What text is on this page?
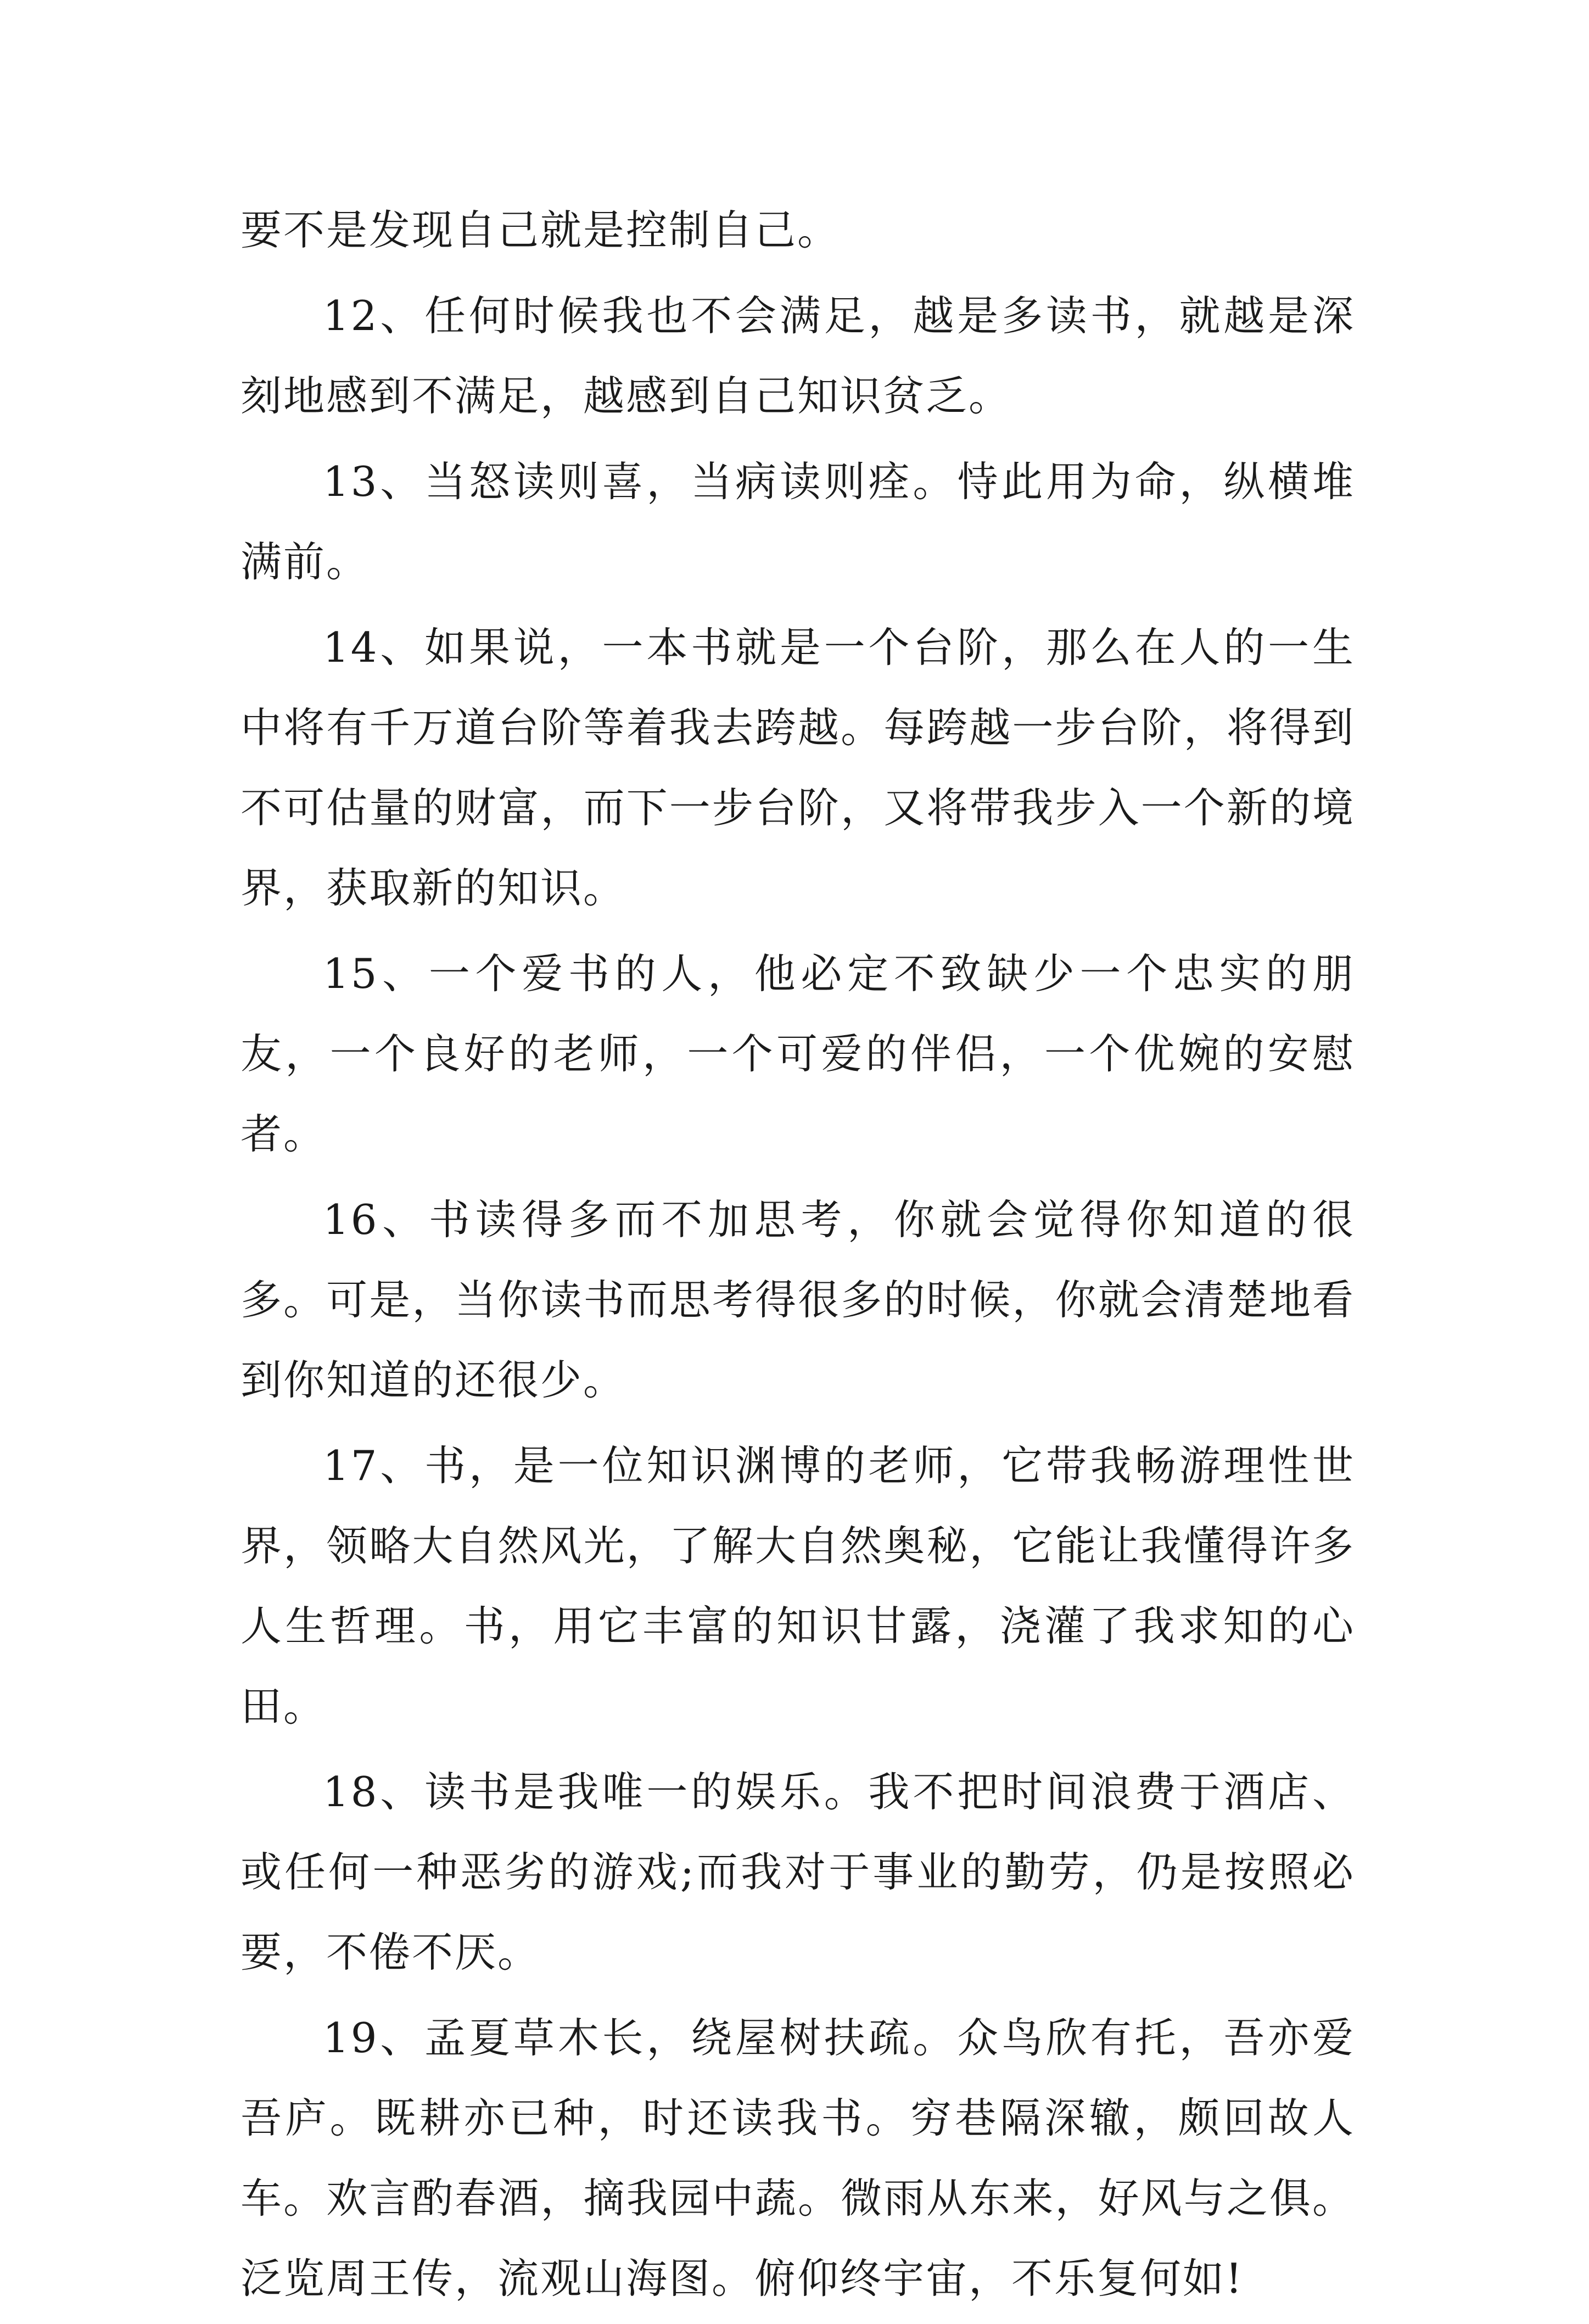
要不是发现自己就是控制自己。

12、任何时候我也不会满足，越是多读书，就越是深刻地感到不满足，越感到自己知识贫乏。

13、当怒读则喜，当病读则痊。恃此用为命，纵横堆满前。

14、如果说，一本书就是一个台阶，那么在人的一生中将有千万道台阶等着我去跨越。每跨越一步台阶，将得到不可估量的财富，而下一步台阶，又将带我步入一个新的境界，获取新的知识。

15、一个爱书的人，他必定不致缺少一个忠实的朋友，一个良好的老师，一个可爱的伴侣，一个优婉的安慰者。

16、书读得多而不加思考，你就会觉得你知道的很多。可是，当你读书而思考得很多的时候，你就会清楚地看到你知道的还很少。

17、书，是一位知识渊博的老师，它带我畅游理性世界，领略大自然风光，了解大自然奥秘，它能让我懂得许多人生哲理。书，用它丰富的知识甘露，浇灌了我求知的心田。

18、读书是我唯一的娱乐。我不把时间浪费于酒店、或任何一种恶劣的游戏;而我对于事业的勤劳，仍是按照必要，不倦不厌。

19、孟夏草木长，绕屋树扶疏。众鸟欣有托，吾亦爱吾庐。既耕亦已种，时还读我书。穷巷隔深辙，颇回故人车。欢言酌春酒，摘我园中蔬。微雨从东来，好风与之俱。泛览周王传，流观山海图。俯仰终宇宙，不乐复何如!
